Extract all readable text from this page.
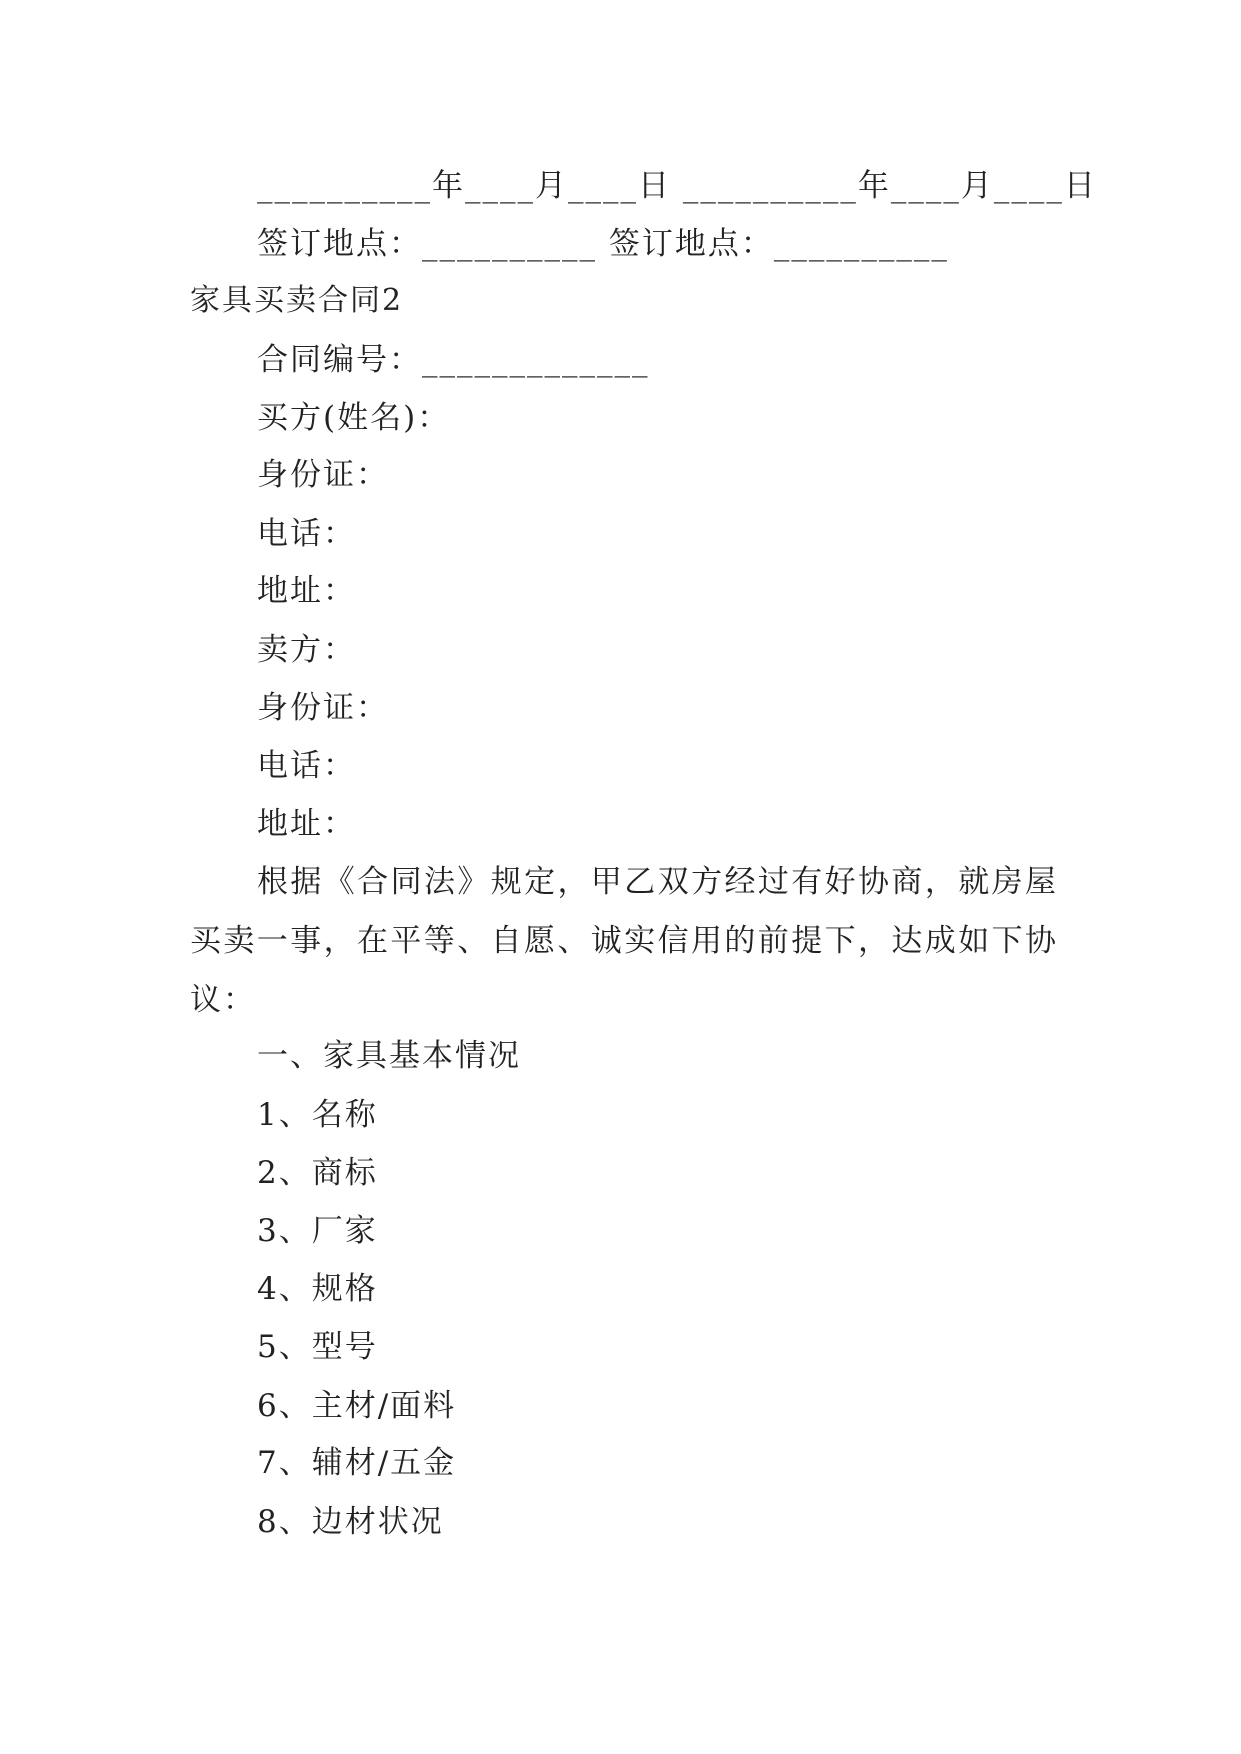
__________年____月____日 __________年____月____日
签订地点：__________ 签订地点：__________
家具买卖合同2
合同编号：_____________
买方(姓名)：
身份证：
电话：
地址：
卖方：
身份证：
电话：
地址：
根据《合同法》规定，甲乙双方经过有好协商，就房屋买卖一事，在平等、自愿、诚实信用的前提下，达成如下协议：
一、家具基本情况
1、名称
2、商标
3、厂家
4、规格
5、型号
6、主材/面料
7、辅材/五金
8、边材状况
